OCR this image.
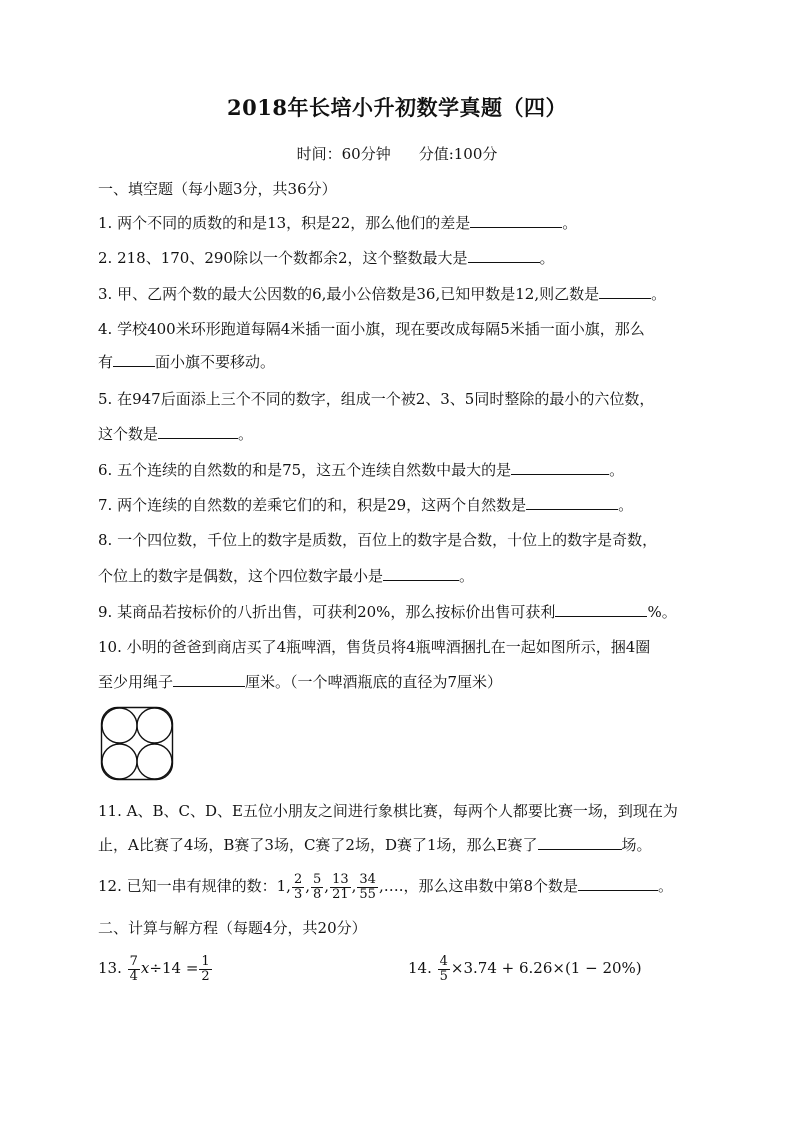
2018年长培小升初数学真题（四）
时间：60分钟 分值:100分
一、填空题（每小题3分，共36分）
1. 两个不同的质数的和是13，积是22，那么他们的差是	。
2. 218、170、290除以一个数都余2，这个整数最大是	。
3. 甲、乙两个数的最大公因数的6,最小公倍数是36,已知甲数是12,则乙数是	。
4. 学校400米环形跑道每隔4米插一面小旗，现在要改成每隔5米插一面小旗，那么
有	面小旗不要移动。
5. 在947后面添上三个不同的数字，组成一个被2、3、5同时整除的最小的六位数，
这个数是	。
6. 五个连续的自然数的和是75，这五个连续自然数中最大的是	。
7. 两个连续的自然数的差乘它们的和，积是29，这两个自然数是	。
8. 一个四位数，千位上的数字是质数，百位上的数字是合数，十位上的数字是奇数，
个位上的数字是偶数，这个四位数字最小是	。
9. 某商品若按标价的八折出售，可获利20%，那么按标价出售可获利	%。
10. 小明的爸爸到商店买了4瓶啤酒，售货员将4瓶啤酒捆扎在一起如图所示，捆4圈
至少用绳子	厘米。（一个啤酒瓶底的直径为7厘米）
11. A、B、C、D、E五位小朋友之间进行象棋比赛，每两个人都要比赛一场，到现在为
止，A比赛了4场，B赛了3场，C赛了2场，D赛了1场，那么E赛了	场。
12. 已知一串有规律的数：1, $\frac{2}{3}$ , $\frac{5}{8}$ , $\frac{13}{21}$ , $\frac{34}{55}$ ,….，那么这串数中第8个数是	。
二、计算与解方程（每题4分，共20分）
13. $\frac{7}{4} x\div 14 = \frac{1}{2}$	14. $\frac{4}{5} \times 3.74 + 6.26\times(1 - 20\%)$
